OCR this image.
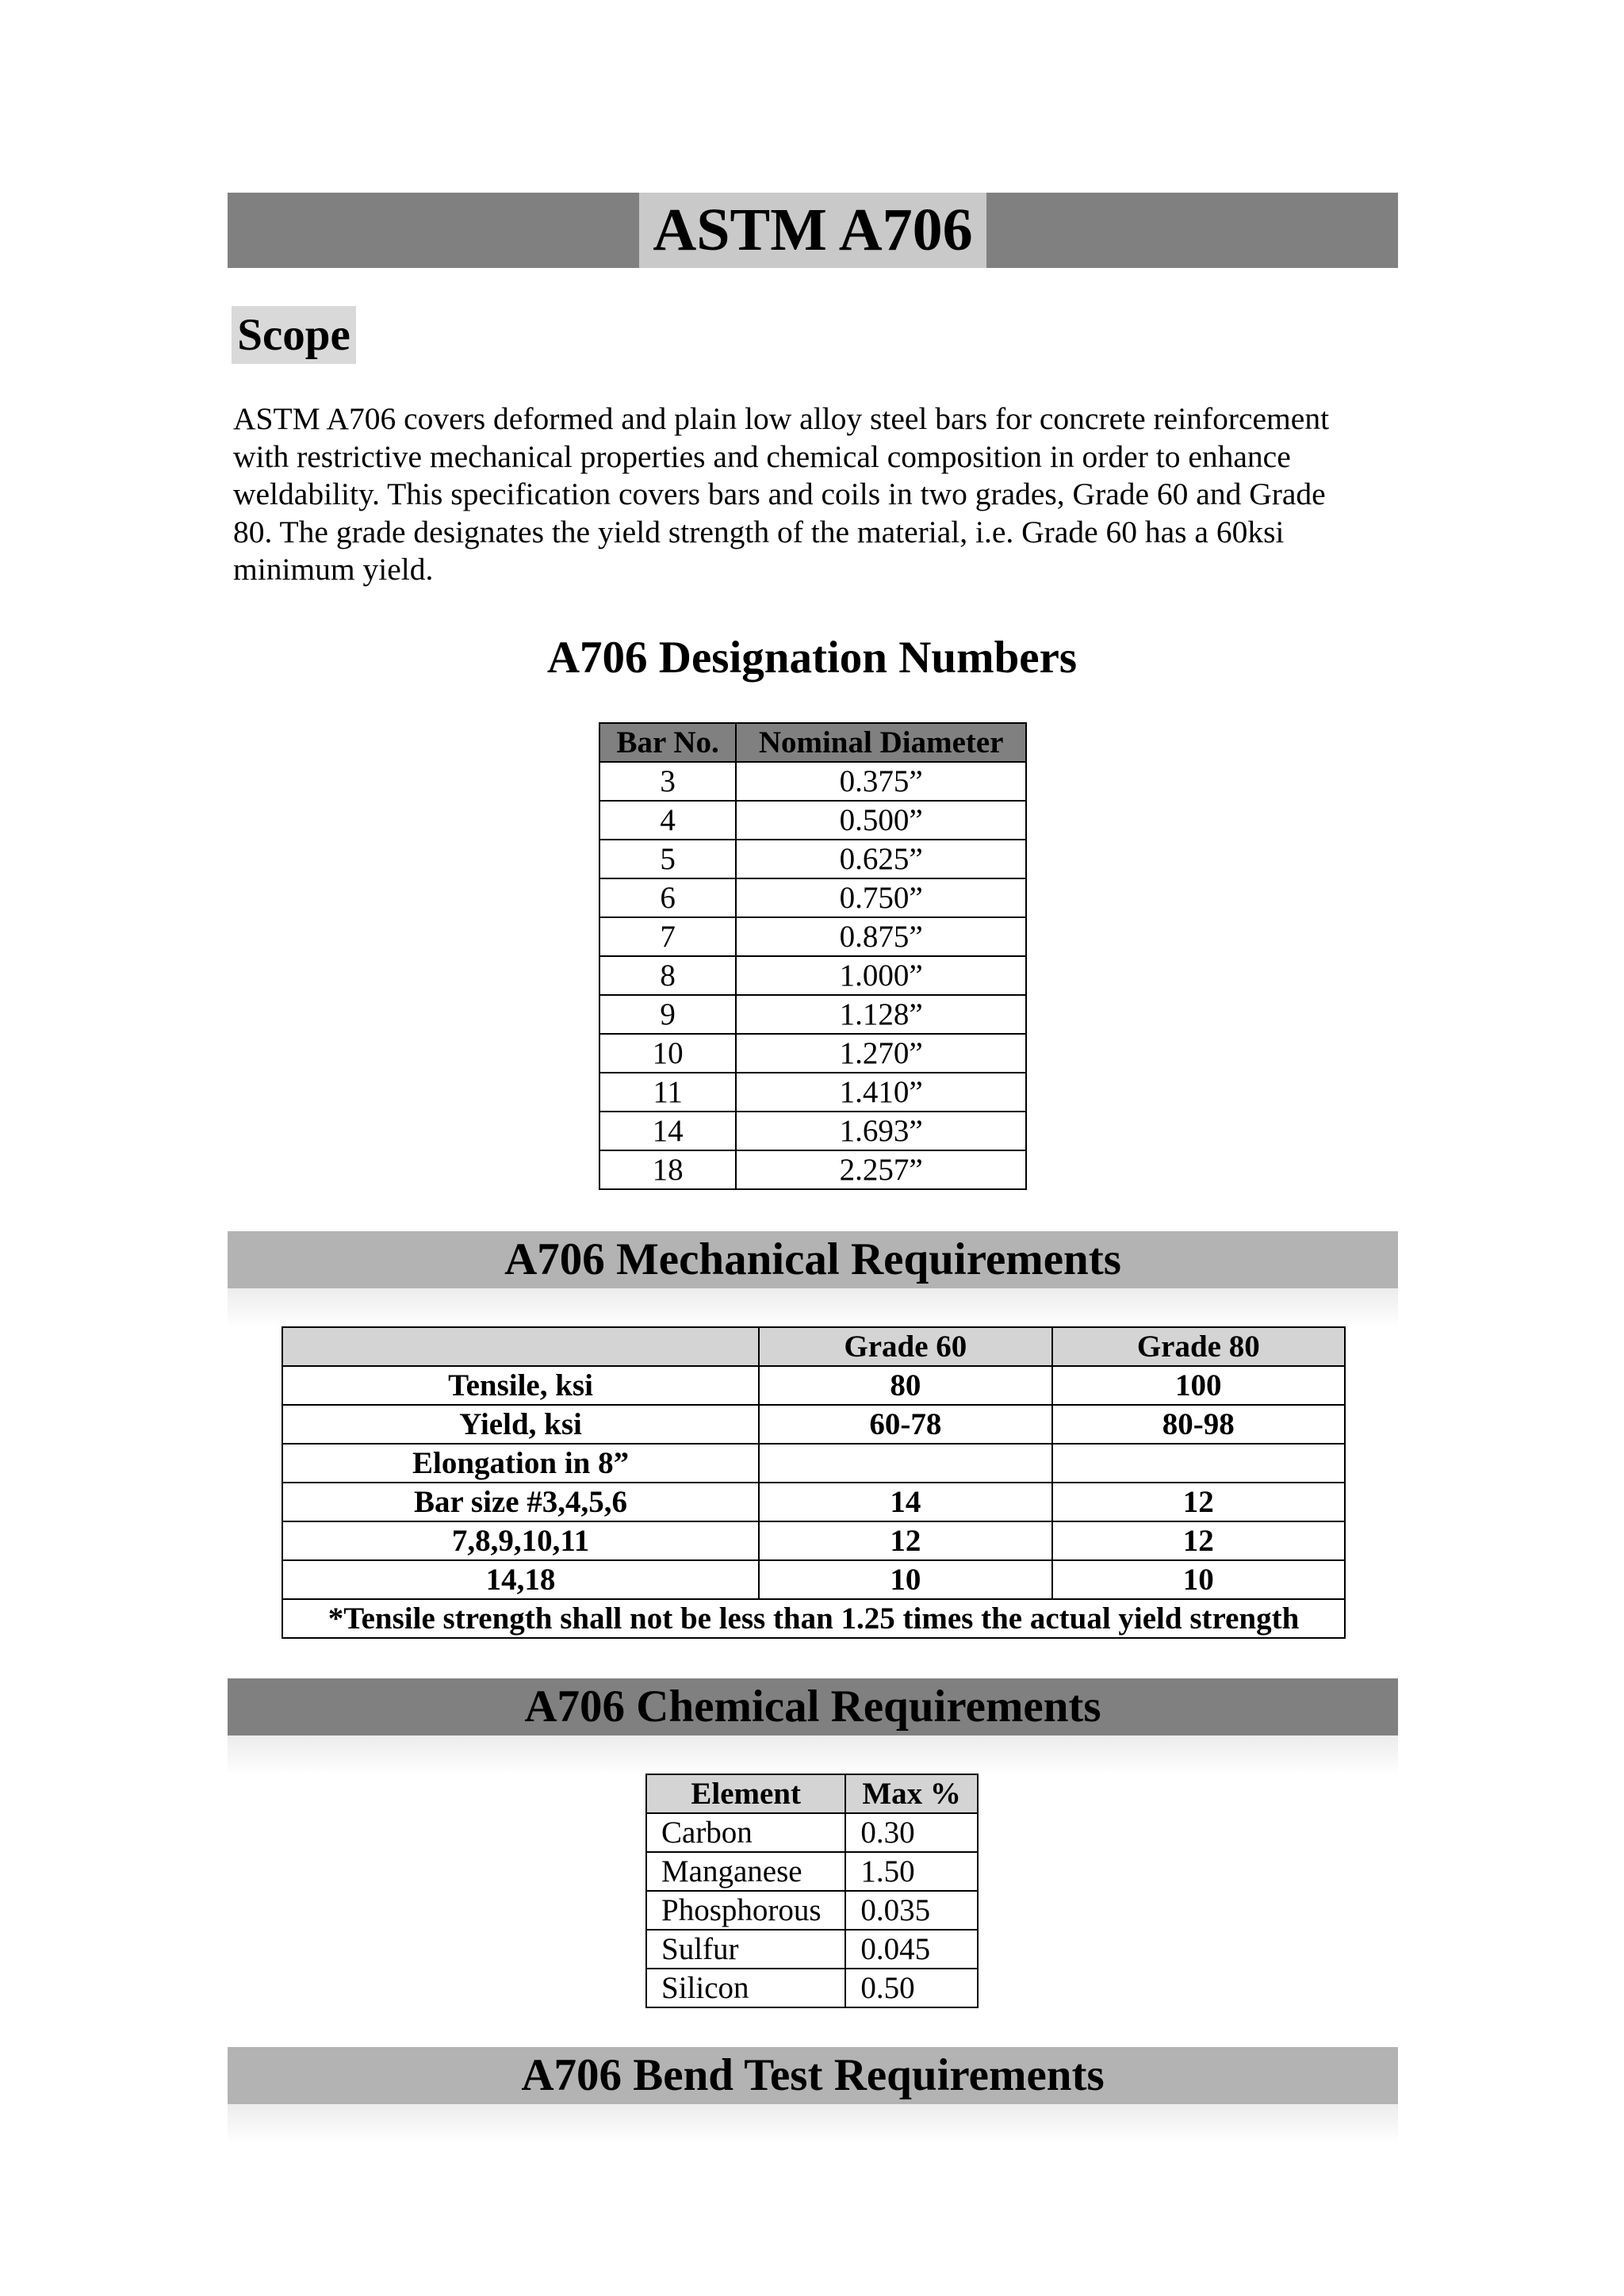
ASTM A706
Scope
ASTM A706 covers deformed and plain low alloy steel bars for concrete reinforcement
with restrictive mechanical properties and chemical composition in order to enhance
weldability. This specification covers bars and coils in two grades, Grade 60 and Grade
80. The grade designates the yield strength of the material, i.e. Grade 60 has a 60ksi
minimum yield.
A706 Designation Numbers
Bar No.	Nominal Diameter
3	0.375”
4	0.500”
5	0.625”
6	0.750”
7	0.875”
8	1.000”
9	1.128”
10	1.270”
11	1.410”
14	1.693”
18	2.257”
A706 Mechanical Requirements
	Grade 60	Grade 80
Tensile, ksi	80	100
Yield, ksi	60-78	80-98
Elongation in 8”		
Bar size #3,4,5,6	14	12
7,8,9,10,11	12	12
14,18	10	10
*Tensile strength shall not be less than 1.25 times the actual yield strength		
A706 Chemical Requirements
Element	Max %
Carbon	0.30
Manganese	1.50
Phosphorous	0.035
Sulfur	0.045
Silicon	0.50
A706 Bend Test Requirements
